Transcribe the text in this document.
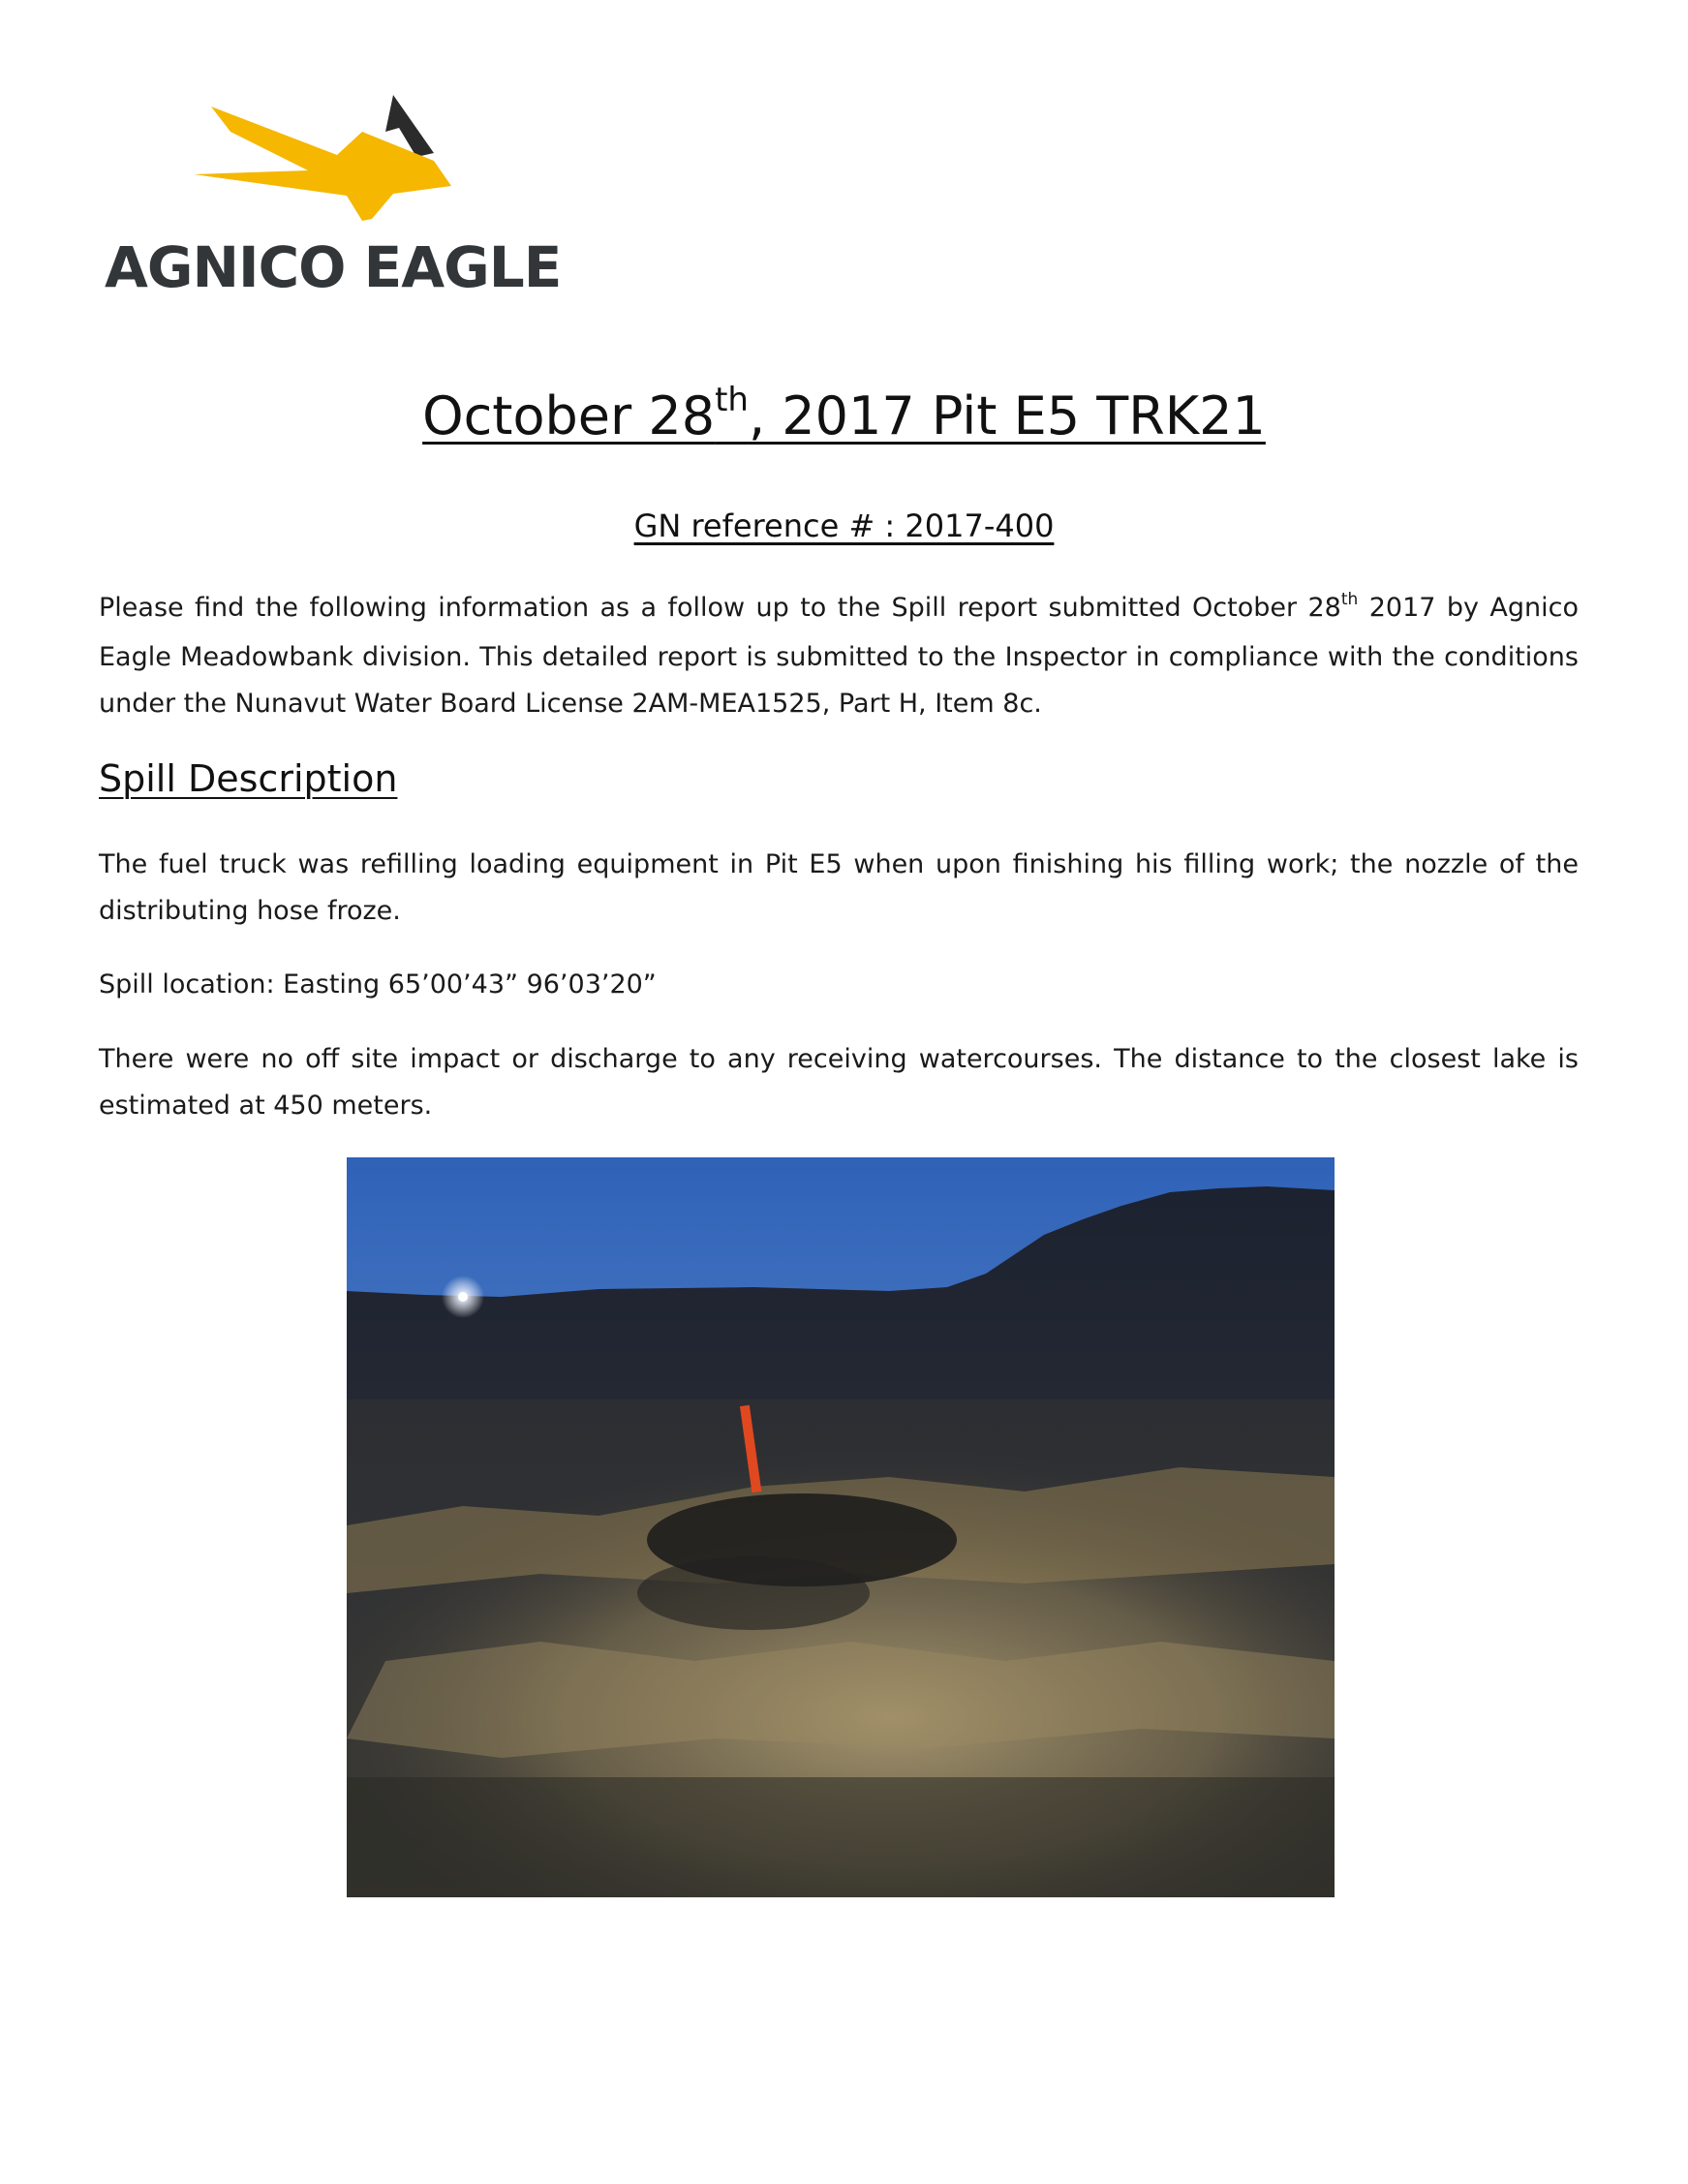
AGNICO EAGLE
October 28th, 2017 Pit E5 TRK21
GN reference # : 2017-400
Please find the following information as a follow up to the Spill report submitted October 28th 2017 by Agnico Eagle Meadowbank division. This detailed report is submitted to the Inspector in compliance with the conditions under the Nunavut Water Board License 2AM-MEA1525, Part H, Item 8c.
Spill Description
The fuel truck was refilling loading equipment in Pit E5 when upon finishing his filling work; the nozzle of the distributing hose froze.
Spill location: Easting 65’00’43” 96’03’20”
There were no off site impact or discharge to any receiving watercourses. The distance to the closest lake is estimated at 450 meters.
